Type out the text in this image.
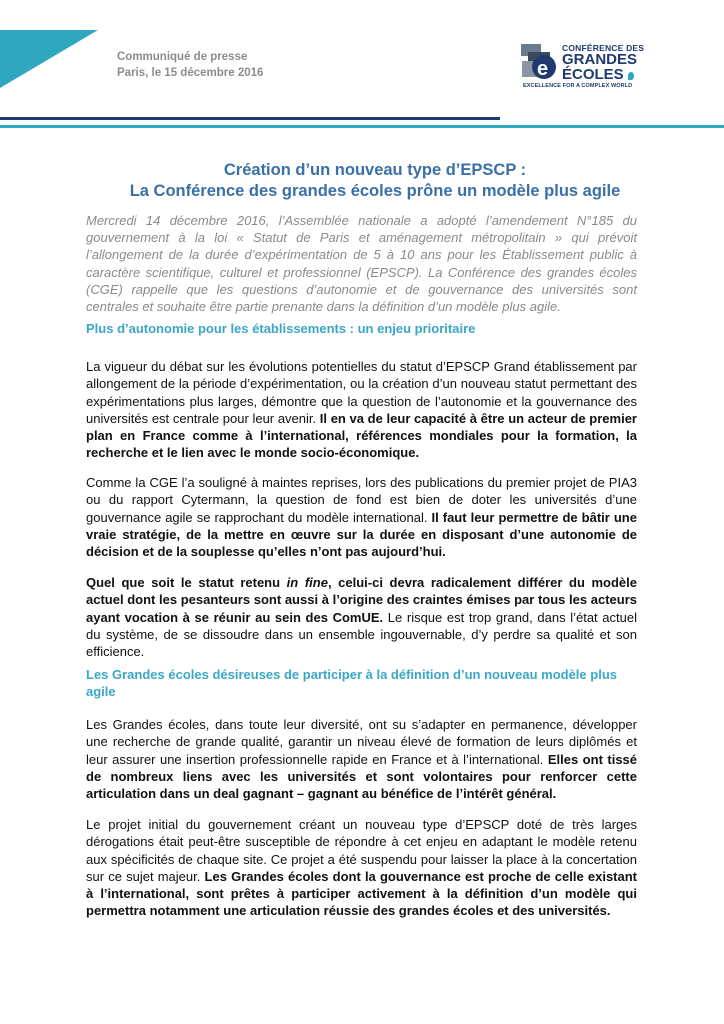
Communiqué de presse
Paris, le 15 décembre 2016	e
CONFÉRENCE DES
GRANDES
ÉCOLES
EXCELLENCE FOR A COMPLEX WORLD
Création d’un nouveau type d’EPSCP :
La Conférence des grandes écoles prône un modèle plus agile
Mercredi 14 décembre 2016, l’Assemblée nationale a adopté l’amendement N°185 du gouvernement à la loi « Statut de Paris et aménagement métropolitain » qui prévoit l’allongement de la durée d’expérimentation de 5 à 10 ans pour les Établissement public à caractère scientifique, culturel et professionnel (EPSCP). La Conférence des grandes écoles (CGE) rappelle que les questions d’autonomie et de gouvernance des universités sont centrales et souhaite être partie prenante dans la définition d’un modèle plus agile.
Plus d’autonomie pour les établissements : un enjeu prioritaire
La vigueur du débat sur les évolutions potentielles du statut d’EPSCP Grand établissement par allongement de la période d’expérimentation, ou la création d’un nouveau statut permettant des expérimentations plus larges, démontre que la question de l’autonomie et la gouvernance des universités est centrale pour leur avenir. Il en va de leur capacité à être un acteur de premier plan en France comme à l’international, références mondiales pour la formation, la recherche et le lien avec le monde socio-économique.
Comme la CGE l’a souligné à maintes reprises, lors des publications du premier projet de PIA3 ou du rapport Cytermann, la question de fond est bien de doter les universités d’une gouvernance agile se rapprochant du modèle international. Il faut leur permettre de bâtir une vraie stratégie, de la mettre en œuvre sur la durée en disposant d’une autonomie de décision et de la souplesse qu’elles n’ont pas aujourd’hui.
Quel que soit le statut retenu in fine, celui-ci devra radicalement différer du modèle actuel dont les pesanteurs sont aussi à l’origine des craintes émises par tous les acteurs ayant vocation à se réunir au sein des ComUE. Le risque est trop grand, dans l’état actuel du système, de se dissoudre dans un ensemble ingouvernable, d’y perdre sa qualité et son efficience.
Les Grandes écoles désireuses de participer à la définition d’un nouveau modèle plus agile
Les Grandes écoles, dans toute leur diversité, ont su s’adapter en permanence, développer une recherche de grande qualité, garantir un niveau élevé de formation de leurs diplômés et leur assurer une insertion professionnelle rapide en France et à l’international. Elles ont tissé de nombreux liens avec les universités et sont volontaires pour renforcer cette articulation dans un deal gagnant – gagnant au bénéfice de l’intérêt général.
Le projet initial du gouvernement créant un nouveau type d’EPSCP doté de très larges dérogations était peut-être susceptible de répondre à cet enjeu en adaptant le modèle retenu aux spécificités de chaque site. Ce projet a été suspendu pour laisser la place à la concertation sur ce sujet majeur. Les Grandes écoles dont la gouvernance est proche de celle existant à l’international, sont prêtes à participer activement à la définition d’un modèle qui permettra notamment une articulation réussie des grandes écoles et des universités.
